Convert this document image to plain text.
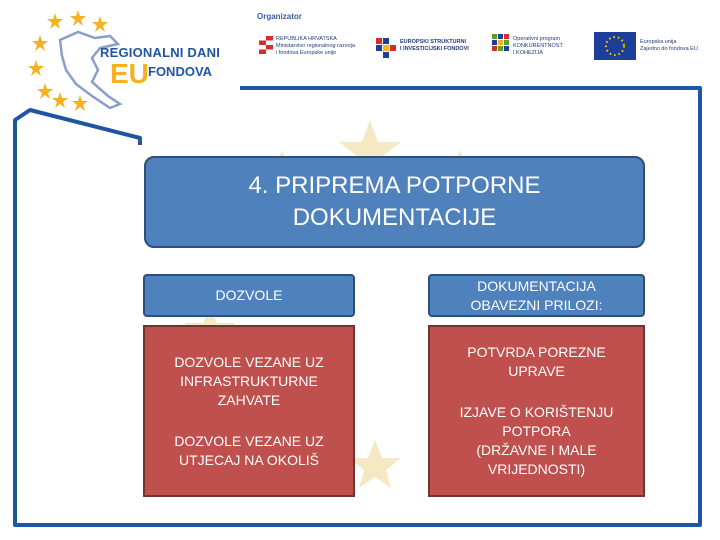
Organizator
REGIONALNI DANI
EU FONDOVA
REPUBLIKA HRVATSKA
Ministarstvo regionalnog razvoja
i fondova Europske unije
EUROPSKI STRUKTURNI
I INVESTICIJSKI FONDOVI
Operativni program
KONKURENTNOST
I KOHEZIJA
Europska unija
Zajedno do fondova EU
4. PRIPREMA POTPORNE
DOKUMENTACIJE
DOZVOLE
DOKUMENTACIJA
OBAVEZNI PRILOZI:

DOZVOLE VEZANE UZ

INFRASTRUKTURNE

ZAHVATE

DOZVOLE VEZANE UZ

UTJECAJ NA OKOLIŠ

POTVRDA POREZNE

UPRAVE

IZJAVE O KORIŠTENJU

POTPORA

(DRŽAVNE I MALE

VRIJEDNOSTI)
